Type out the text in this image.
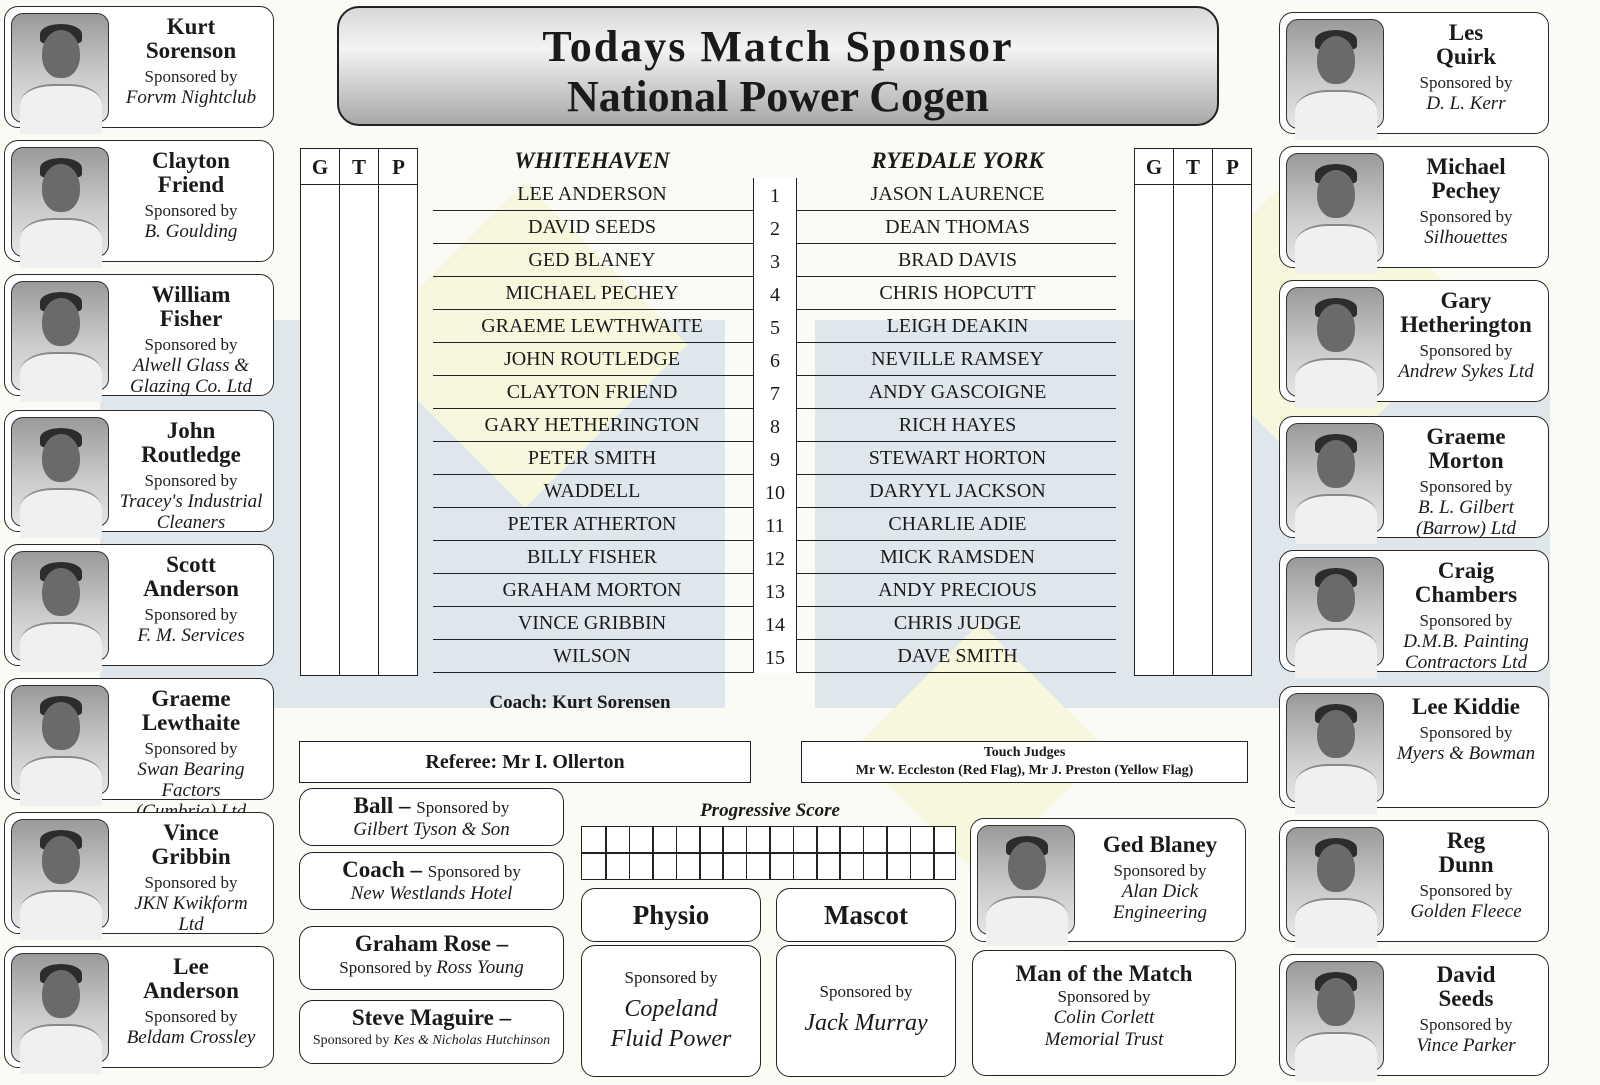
Todays Match Sponsor
National Power Cogen
Kurt
Sorenson
Sponsored by
Forvm Nightclub
Clayton
Friend
Sponsored by
B. Goulding
William
Fisher
Sponsored by
Alwell Glass &
Glazing Co. Ltd
John
Routledge
Sponsored by
Tracey's Industrial
Cleaners
Scott
Anderson
Sponsored by
F. M. Services
Graeme
Lewthaite
Sponsored by
Swan Bearing Factors
Vince
Gribbin
Sponsored by
JKN Kwikform
Ltd
Lee
Anderson
Sponsored by
Beldam Crossley
Les
Quirk
Sponsored by
D. L. Kerr
Michael
Pechey
Sponsored by
Silhouettes
Gary
Hetherington
Sponsored by
Andrew Sykes Ltd
Graeme
Morton
Sponsored by
B. L. Gilbert
(Barrow) Ltd
Craig
Chambers
Sponsored by
D.M.B. Painting
Contractors Ltd
Lee Kiddie
Sponsored by
Myers & Bowman
Reg
Dunn
Sponsored by
Golden Fleece
David
Seeds
Sponsored by
Vince Parker
G	T	P	G	T	P
WHITEHAVEN	RYEDALE YORK
LEE ANDERSON	1	JASON LAURENCE
DAVID SEEDS	2	DEAN THOMAS
GED BLANEY	3	BRAD DAVIS
MICHAEL PECHEY	4	CHRIS HOPCUTT
GRAEME LEWTHWAITE	5	LEIGH DEAKIN
JOHN ROUTLEDGE	6	NEVILLE RAMSEY
CLAYTON FRIEND	7	ANDY GASCOIGNE
GARY HETHERINGTON	8	RICH HAYES
PETER SMITH	9	STEWART HORTON
WADDELL	10	DARYYL JACKSON
PETER ATHERTON	11	CHARLIE ADIE
BILLY FISHER	12	MICK RAMSDEN
GRAHAM MORTON	13	ANDY PRECIOUS
VINCE GRIBBIN	14	CHRIS JUDGE
WILSON	15	DAVE SMITH
Coach: Kurt Sorensen
Referee: Mr I. Ollerton	Touch Judges
Mr W. Eccleston (Red Flag), Mr J. Preston (Yellow Flag)
Ball – Sponsored by
Gilbert Tyson & Son
Coach – Sponsored by
New Westlands Hotel
Graham Rose –
Sponsored by Ross Young
Steve Maguire –
Sponsored by Kes & Nicholas Hutchinson
Progressive Score
Physio
Sponsored by
Copeland
Fluid Power
Mascot
Sponsored by
Jack Murray
Ged Blaney
Sponsored by
Alan Dick
Engineering
Man of the Match
Sponsored by
Colin Corlett
Memorial Trust
